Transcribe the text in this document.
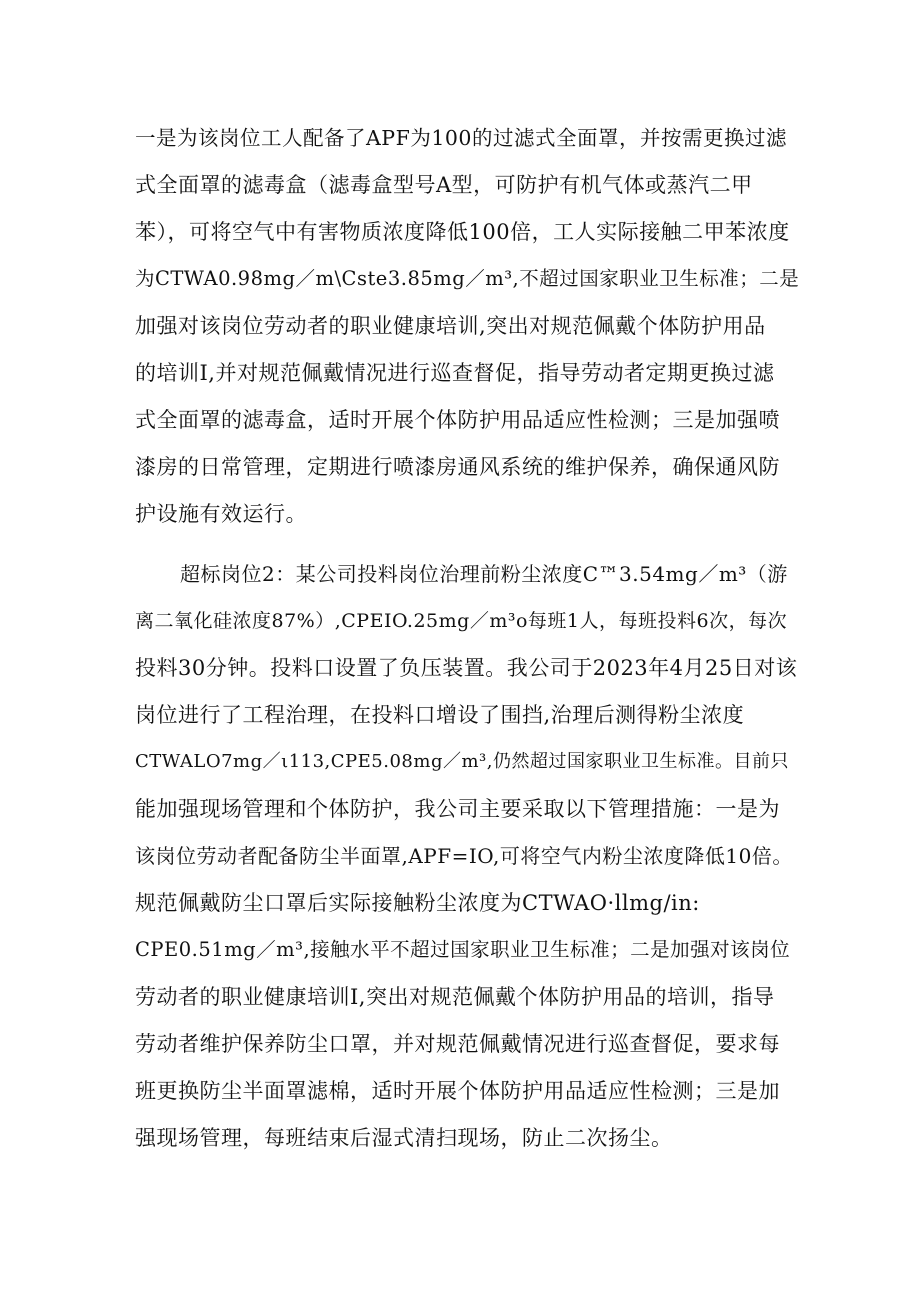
一是为该岗位工人配备了APF为100的过滤式全面罩，并按需更换过滤
式全面罩的滤毒盒（滤毒盒型号A型，可防护有机气体或蒸汽二甲
苯），可将空气中有害物质浓度降低100倍，工人实际接触二甲苯浓度
为CTWA0.98mg／m\Cste3.85mg／m³,不超过国家职业卫生标准；二是
加强对该岗位劳动者的职业健康培训,突出对规范佩戴个体防护用品
的培训I,并对规范佩戴情况进行巡查督促，指导劳动者定期更换过滤
式全面罩的滤毒盒，适时开展个体防护用品适应性检测；三是加强喷
漆房的日常管理，定期进行喷漆房通风系统的维护保养，确保通风防
护设施有效运行。
超标岗位2：某公司投料岗位治理前粉尘浓度C™3.54mg／m³（游
离二氧化硅浓度87%）,CPEIO.25mg／m³o每班1人，每班投料6次，每次
投料30分钟。投料口设置了负压装置。我公司于2023年4月25日对该
岗位进行了工程治理，在投料口增设了围挡,治理后测得粉尘浓度
CTWALO7mg／ι113,CPE5.08mg／m³,仍然超过国家职业卫生标准。目前只
能加强现场管理和个体防护，我公司主要采取以下管理措施：一是为
该岗位劳动者配备防尘半面罩,APF=IO,可将空气内粉尘浓度降低10倍。
规范佩戴防尘口罩后实际接触粉尘浓度为CTWAO·llmg/in:
CPE0.51mg／m³,接触水平不超过国家职业卫生标准；二是加强对该岗位
劳动者的职业健康培训I,突出对规范佩戴个体防护用品的培训，指导
劳动者维护保养防尘口罩，并对规范佩戴情况进行巡查督促，要求每
班更换防尘半面罩滤棉，适时开展个体防护用品适应性检测；三是加
强现场管理，每班结束后湿式清扫现场，防止二次扬尘。
